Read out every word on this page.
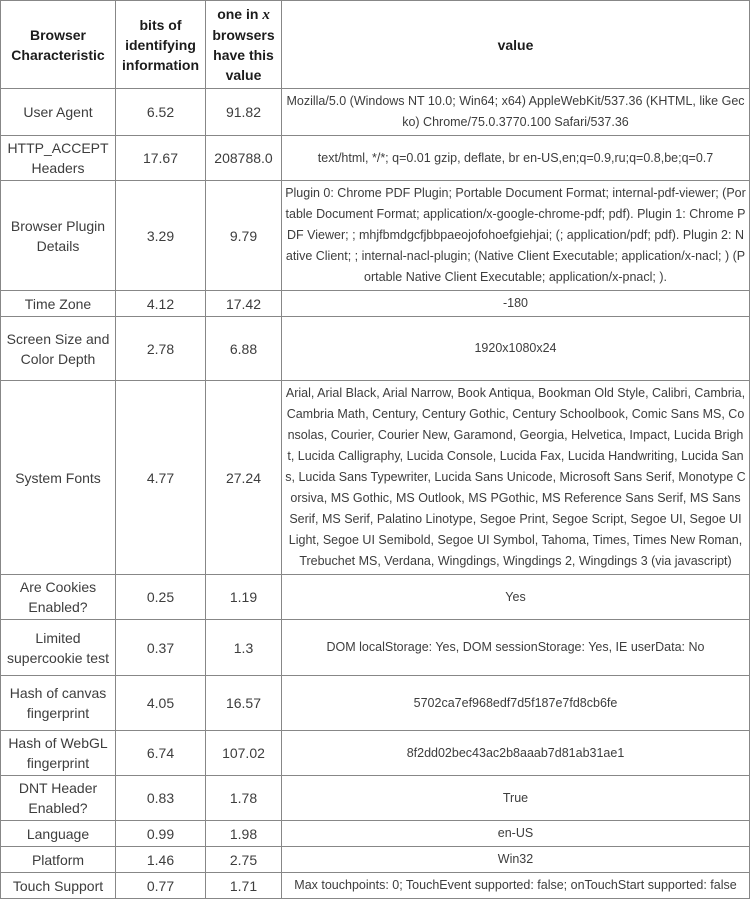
Browser Characteristic	bits of identifying information	one in x browsers have this value	value
User Agent	6.52	91.82	Mozilla/5.0 (Windows NT 10.0; Win64; x64) AppleWebKit/537.36 (KHTML, like Gecko) Chrome/75.0.3770.100 Safari/537.36
HTTP_ACCEPT Headers	17.67	208788.0	text/html, */*; q=0.01 gzip, deflate, br en-US,en;q=0.9,ru;q=0.8,be;q=0.7
Browser Plugin Details	3.29	9.79	Plugin 0: Chrome PDF Plugin; Portable Document Format; internal-pdf-viewer; (Portable Document Format; application/x-google-chrome-pdf; pdf). Plugin 1: Chrome PDF Viewer; ; mhjfbmdgcfjbbpaeojofohoefgiehjai; (; application/pdf; pdf). Plugin 2: Native Client; ; internal-nacl-plugin; (Native Client Executable; application/x-nacl; ) (Portable Native Client Executable; application/x-pnacl; ).
Time Zone	4.12	17.42	-180
Screen Size and Color Depth	2.78	6.88	1920x1080x24
System Fonts	4.77	27.24	Arial, Arial Black, Arial Narrow, Book Antiqua, Bookman Old Style, Calibri, Cambria, Cambria Math, Century, Century Gothic, Century Schoolbook, Comic Sans MS, Consolas, Courier, Courier New, Garamond, Georgia, Helvetica, Impact, Lucida Bright, Lucida Calligraphy, Lucida Console, Lucida Fax, Lucida Handwriting, Lucida Sans, Lucida Sans Typewriter, Lucida Sans Unicode, Microsoft Sans Serif, Monotype Corsiva, MS Gothic, MS Outlook, MS PGothic, MS Reference Sans Serif, MS Sans Serif, MS Serif, Palatino Linotype, Segoe Print, Segoe Script, Segoe UI, Segoe UI Light, Segoe UI Semibold, Segoe UI Symbol, Tahoma, Times, Times New Roman, Trebuchet MS, Verdana, Wingdings, Wingdings 2, Wingdings 3 (via javascript)
Are Cookies Enabled?	0.25	1.19	Yes
Limited supercookie test	0.37	1.3	DOM localStorage: Yes, DOM sessionStorage: Yes, IE userData: No
Hash of canvas fingerprint	4.05	16.57	5702ca7ef968edf7d5f187e7fd8cb6fe
Hash of WebGL fingerprint	6.74	107.02	8f2dd02bec43ac2b8aaab7d81ab31ae1
DNT Header Enabled?	0.83	1.78	True
Language	0.99	1.98	en-US
Platform	1.46	2.75	Win32
Touch Support	0.77	1.71	Max touchpoints: 0; TouchEvent supported: false; onTouchStart supported: false
